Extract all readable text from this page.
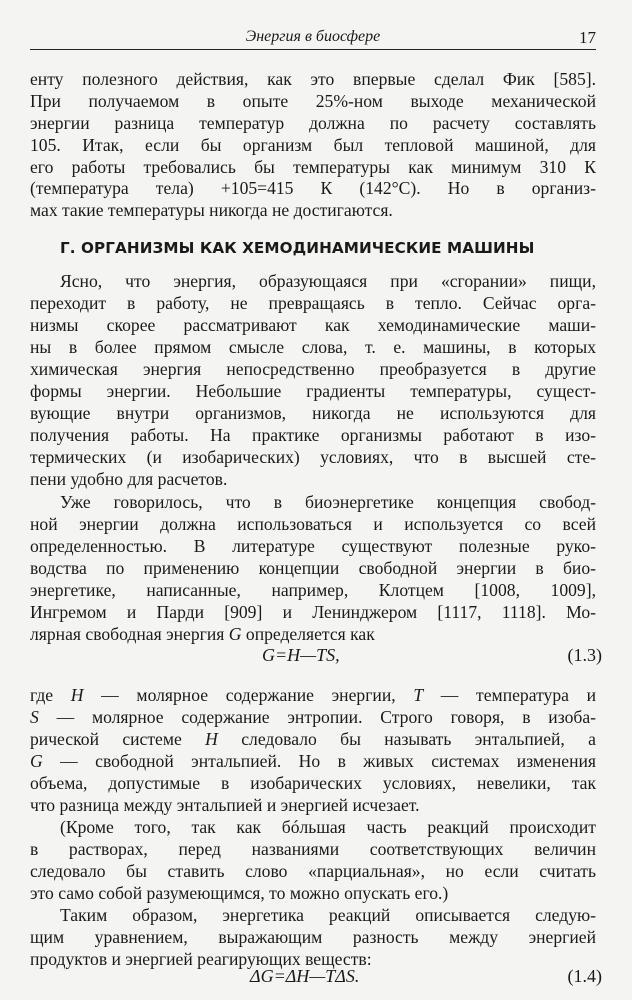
Энергия в биосфере	17
енту полезного действия, как это впервые сделал Фик [585].
При получаемом в опыте 25%-ном выходе механической
энергии разница температур должна по расчету составлять
105. Итак, если бы организм был тепловой машиной, для
его работы требовались бы температуры как минимум 310 К
(температура тела) +105=415 К (142°С). Но в организ-
мах такие температуры никогда не достигаются.
Г. ОРГАНИЗМЫ КАК ХЕМОДИНАМИЧЕСКИЕ МАШИНЫ
Ясно, что энергия, образующаяся при «сгорании» пищи,
переходит в работу, не превращаясь в тепло. Сейчас орга-
низмы скорее рассматривают как хемодинамические маши-
ны в более прямом смысле слова, т. е. машины, в которых
химическая энергия непосредственно преобразуется в другие
формы энергии. Небольшие градиенты температуры, сущест-
вующие внутри организмов, никогда не используются для
получения работы. На практике организмы работают в изо-
термических (и изобарических) условиях, что в высшей сте-
пени удобно для расчетов.
Уже говорилось, что в биоэнергетике концепция свобод-
ной энергии должна использоваться и используется со всей
определенностью. В литературе существуют полезные руко-
водства по применению концепции свободной энергии в био-
энергетике, написанные, например, Клотцем [1008, 1009],
Ингремом и Парди [909] и Ленинджером [1117, 1118]. Мо-
лярная свободная энергия G определяется как
G=H—TS,	(1.3)
где H — молярное содержание энергии, T — температура и
S — молярное содержание энтропии. Строго говоря, в изоба-
рической системе H следовало бы называть энтальпией, а
G — свободной энтальпией. Но в живых системах изменения
объема, допустимые в изобарических условиях, невелики, так
что разница между энтальпией и энергией исчезает.
(Кроме того, так как бóльшая часть реакций происходит
в растворах, перед названиями соответствующих величин
следовало бы ставить слово «парциальная», но если считать
это само собой разумеющимся, то можно опускать его.)
Таким образом, энергетика реакций описывается следую-
щим уравнением, выражающим разность между энергией
продуктов и энергией реагирующих веществ:
ΔG=ΔH—TΔS.	(1.4)
